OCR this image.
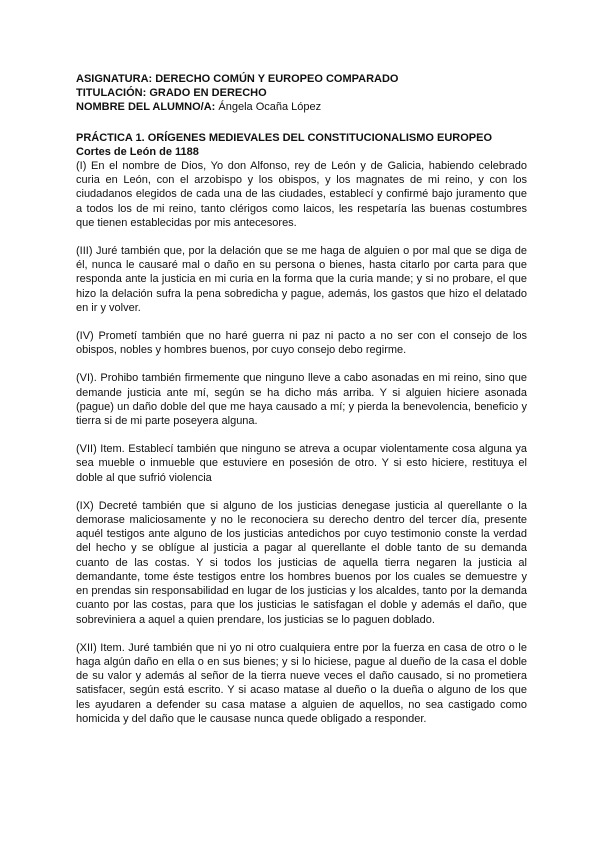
ASIGNATURA: DERECHO COMÚN Y EUROPEO COMPARADO

TITULACIÓN: GRADO EN DERECHO

NOMBRE DEL ALUMNO/A: Ángela Ocaña López

PRÁCTICA 1. ORÍGENES MEDIEVALES DEL CONSTITUCIONALISMO EUROPEO

Cortes de León de 1188

(I) En el nombre de Dios, Yo don Alfonso, rey de León y de Galicia, habiendo celebrado curia en León, con el arzobispo y los obispos, y los magnates de mi reino, y con los ciudadanos elegidos de cada una de las ciudades, establecí y confirmé bajo juramento que a todos los de mi reino, tanto clérigos como laicos, les respetaría las buenas costumbres que tienen establecidas por mis antecesores.

(III) Juré también que, por la delación que se me haga de alguien o por mal que se diga de él, nunca le causaré mal o daño en su persona o bienes, hasta citarlo por carta para que responda ante la justicia en mi curia en la forma que la curia mande; y si no probare, el que hizo la delación sufra la pena sobredicha y pague, además, los gastos que hizo el delatado en ir y volver.

(IV) Prometí también que no haré guerra ni paz ni pacto a no ser con el consejo de los obispos, nobles y hombres buenos, por cuyo consejo debo regirme.

(VI). Prohibo también firmemente que ninguno lleve a cabo asonadas en mi reino, sino que demande justicia ante mí, según se ha dicho más arriba. Y si alguien hiciere asonada (pague) un daño doble del que me haya causado a mí; y pierda la benevolencia, beneficio y tierra si de mi parte poseyera alguna.

(VII) Item. Establecí también que ninguno se atreva a ocupar violentamente cosa alguna ya sea mueble o inmueble que estuviere en posesión de otro. Y si esto hiciere, restituya el doble al que sufrió violencia

(IX) Decreté también que si alguno de los justicias denegase justicia al querellante o la demorase maliciosamente y no le reconociera su derecho dentro del tercer día, presente aquél testigos ante alguno de los justicias antedichos por cuyo testimonio conste la verdad del hecho y se oblígue al justicia a pagar al querellante el doble tanto de su demanda cuanto de las costas. Y si todos los justicias de aquella tierra negaren la justicia al demandante, tome éste testigos entre los hombres buenos por los cuales se demuestre y en prendas sin responsabilidad en lugar de los justicias y los alcaldes, tanto por la demanda cuanto por las costas, para que los justicias le satisfagan el doble y además el daño, que sobreviniera a aquel a quien prendare, los justicias se lo paguen doblado.

(XII) Item. Juré también que ni yo ni otro cualquiera entre por la fuerza en casa de otro o le haga algún daño en ella o en sus bienes; y si lo hiciese, pague al dueño de la casa el doble de su valor y además al señor de la tierra nueve veces el daño causado, si no prometiera satisfacer, según está escrito. Y si acaso matase al dueño o la dueña o alguno de los que les ayudaren a defender su casa matase a alguien de aquellos, no sea castigado como homicida y del daño que le causase nunca quede obligado a responder.
